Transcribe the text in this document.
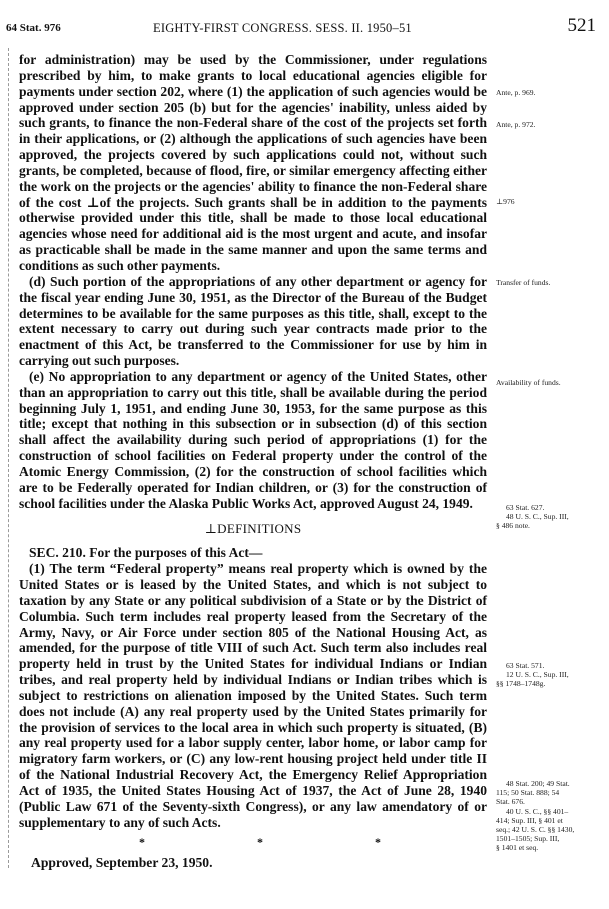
64 Stat. 976	EIGHTY-FIRST CONGRESS. SESS. II. 1950–51	521

for administration) may be used by the Commissioner, under regulations prescribed by him, to make grants to local educational agencies eligible for payments under section 202, where (1) the application of such agencies would be approved under section 205 (b) but for the agencies' inability, unless aided by such grants, to finance the non-Federal share of the cost of the projects set forth in their applications, or (2) although the applications of such agencies have been approved, the projects covered by such applications could not, without such grants, be completed, because of flood, fire, or similar emergency affecting either the work on the projects or the agencies' ability to finance the non-Federal share of the cost ⊥of the projects. Such grants shall be in addition to the payments otherwise provided under this title, shall be made to those local educational agencies whose need for additional aid is the most urgent and acute, and insofar as practicable shall be made in the same manner and upon the same terms and conditions as such other payments.

(d) Such portion of the appropriations of any other department or agency for the fiscal year ending June 30, 1951, as the Director of the Bureau of the Budget determines to be available for the same purposes as this title, shall, except to the extent necessary to carry out during such year contracts made prior to the enactment of this Act, be transferred to the Commissioner for use by him in carrying out such purposes.

(e) No appropriation to any department or agency of the United States, other than an appropriation to carry out this title, shall be available during the period beginning July 1, 1951, and ending June 30, 1953, for the same purpose as this title; except that nothing in this subsection or in subsection (d) of this section shall affect the availability during such period of appropriations (1) for the construction of school facilities on Federal property under the control of the Atomic Energy Commission, (2) for the construction of school facilities which are to be Federally operated for Indian children, or (3) for the construction of school facilities under the Alaska Public Works Act, approved August 24, 1949.

⊥DEFINITIONS

SEC. 210. For the purposes of this Act—

(1) The term “Federal property” means real property which is owned by the United States or is leased by the United States, and which is not subject to taxation by any State or any political subdivision of a State or by the District of Columbia. Such term includes real property leased from the Secretary of the Army, Navy, or Air Force under section 805 of the National Housing Act, as amended, for the purpose of title VIII of such Act. Such term also includes real property held in trust by the United States for individual Indians or Indian tribes, and real property held by individual Indians or Indian tribes which is subject to restrictions on alienation imposed by the United States. Such term does not include (A) any real property used by the United States primarily for the provision of services to the local area in which such property is situated, (B) any real property used for a labor supply center, labor home, or labor camp for migratory farm workers, or (C) any low-rent housing project held under title II of the National Industrial Recovery Act, the Emergency Relief Appropriation Act of 1935, the United States Housing Act of 1937, the Act of June 28, 1940 (Public Law 671 of the Seventy-sixth Congress), or any law amendatory of or supplementary to any of such Acts.

*	*	*
Approved, September 23, 1950.
Ante, p. 969.
Ante, p. 972.
⊥976
Transfer of funds.
Availability of funds.
63 Stat. 627.
48 U. S. C., Sup. III,
§ 486 note.
63 Stat. 571.
12 U. S. C., Sup. III,
§§ 1748–1748g.
48 Stat. 200; 49 Stat.
115; 50 Stat. 888; 54
Stat. 676.
40 U. S. C., §§ 401–
414; Sup. III, § 401 et
seq.; 42 U. S. C. §§ 1430,
1501–1505; Sup. III,
§ 1401 et seq.
